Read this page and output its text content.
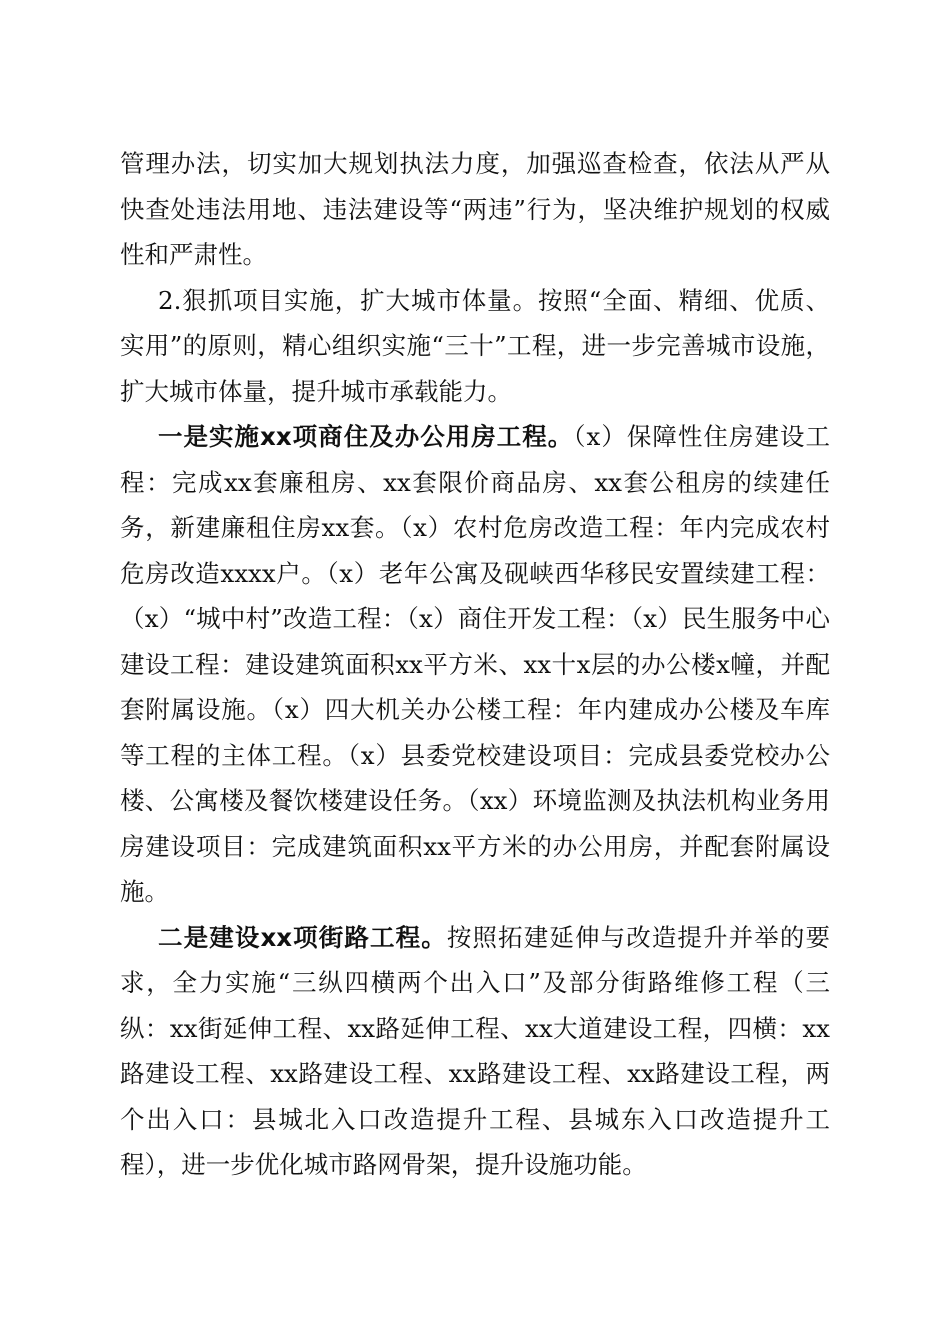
管理办法，切实加大规划执法力度，加强巡查检查，依法从严从快查处违法用地、违法建设等“两违”行为，坚决维护规划的权威性和严肃性。

2.狠抓项目实施，扩大城市体量。按照“全面、精细、优质、实用”的原则，精心组织实施“三十”工程，进一步完善城市设施，扩大城市体量，提升城市承载能力。

一是实施xx项商住及办公用房工程。（x）保障性住房建设工程：完成xx套廉租房、xx套限价商品房、xx套公租房的续建任务，新建廉租住房xx套。（x）农村危房改造工程：年内完成农村危房改造xxxx户。（x）老年公寓及砚峡西华移民安置续建工程：（x）“城中村”改造工程：（x）商住开发工程：（x）民生服务中心建设工程：建设建筑面积xx平方米、xx十x层的办公楼x幢，并配套附属设施。（x）四大机关办公楼工程：年内建成办公楼及车库等工程的主体工程。（x）县委党校建设项目：完成县委党校办公楼、公寓楼及餐饮楼建设任务。（xx）环境监测及执法机构业务用房建设项目：完成建筑面积xx平方米的办公用房，并配套附属设施。

二是建设xx项街路工程。按照拓建延伸与改造提升并举的要求，全力实施“三纵四横两个出入口”及部分街路维修工程（三纵：xx街延伸工程、xx路延伸工程、xx大道建设工程，四横：xx路建设工程、xx路建设工程、xx路建设工程、xx路建设工程，两个出入口：县城北入口改造提升工程、县城东入口改造提升工程），进一步优化城市路网骨架，提升设施功能。
